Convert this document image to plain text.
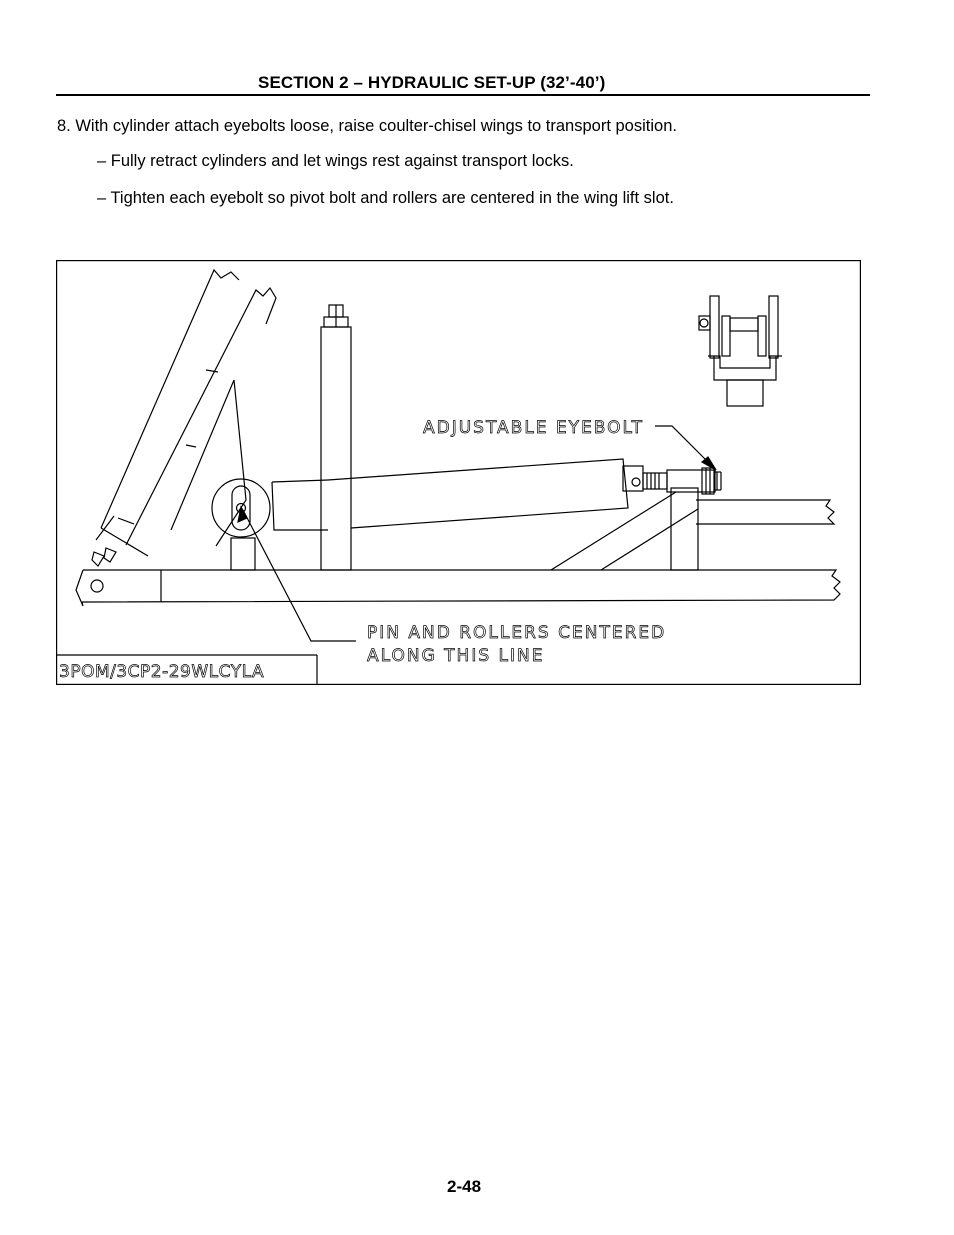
SECTION 2 – HYDRAULIC SET-UP (32’-40’)
8. With cylinder attach eyebolts loose, raise coulter-chisel wings to transport position.
– Fully retract cylinders and let wings rest against transport locks.
– Tighten each eyebolt so pivot bolt and rollers are centered in the wing lift slot.
3POM/3CP2-29WLCYLA
ADJUSTABLE EYEBOLT
PIN AND ROLLERS CENTERED
ALONG THIS LINE
2-48
